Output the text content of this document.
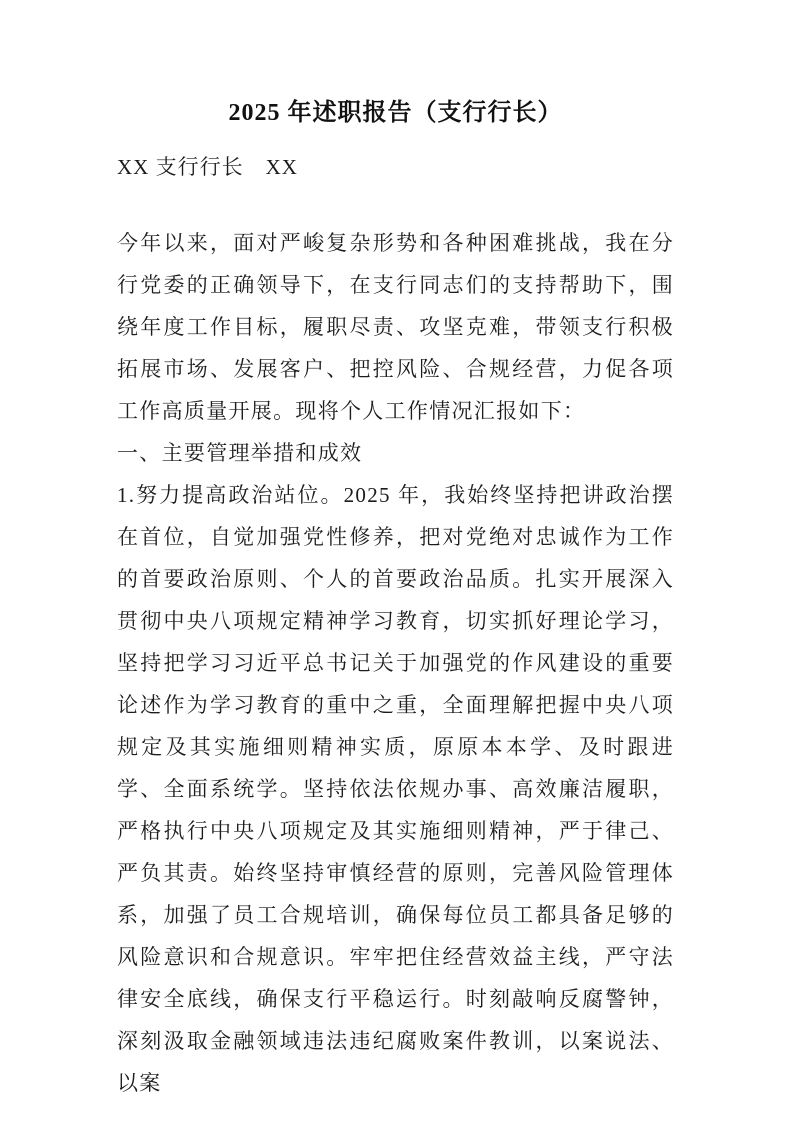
2025 年述职报告（支行行长）

XX 支行行长　XX

今年以来，面对严峻复杂形势和各种困难挑战，我在分行党委的正确领导下，在支行同志们的支持帮助下，围绕年度工作目标，履职尽责、攻坚克难，带领支行积极拓展市场、发展客户、把控风险、合规经营，力促各项工作高质量开展。现将个人工作情况汇报如下：

一、主要管理举措和成效

1.努力提高政治站位。2025 年，我始终坚持把讲政治摆在首位，自觉加强党性修养，把对党绝对忠诚作为工作的首要政治原则、个人的首要政治品质。扎实开展深入贯彻中央八项规定精神学习教育，切实抓好理论学习，坚持把学习习近平总书记关于加强党的作风建设的重要论述作为学习教育的重中之重，全面理解把握中央八项规定及其实施细则精神实质，原原本本学、及时跟进学、全面系统学。坚持依法依规办事、高效廉洁履职，严格执行中央八项规定及其实施细则精神，严于律己、严负其责。始终坚持审慎经营的原则，完善风险管理体系，加强了员工合规培训，确保每位员工都具备足够的风险意识和合规意识。牢牢把住经营效益主线，严守法律安全底线，确保支行平稳运行。时刻敲响反腐警钟，深刻汲取金融领域违法违纪腐败案件教训，以案说法、以案
